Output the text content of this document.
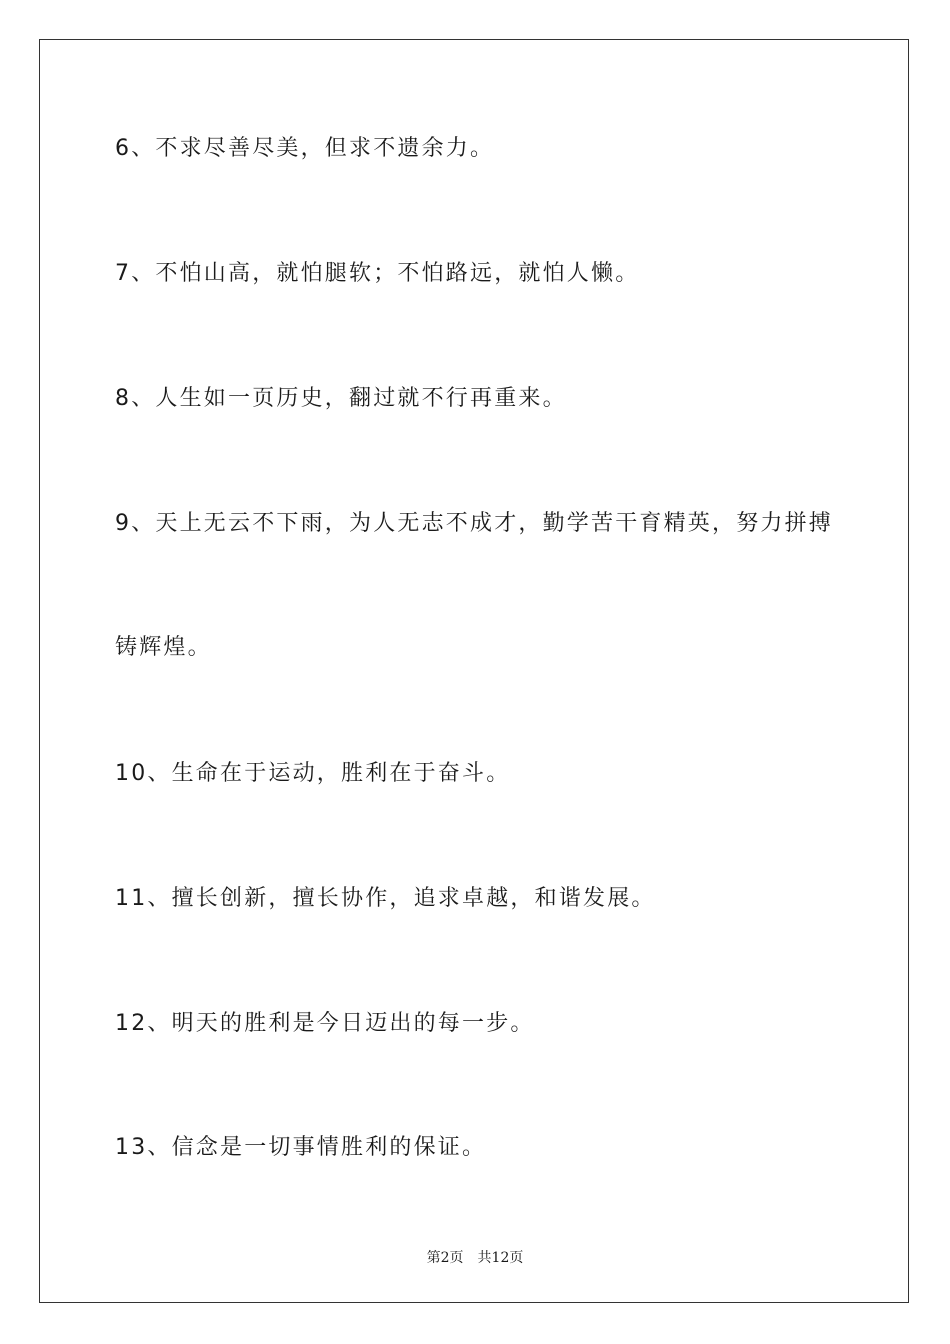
6、不求尽善尽美，但求不遗余力。
7、不怕山高，就怕腿软；不怕路远，就怕人懒。
8、人生如一页历史，翻过就不行再重来。
9、天上无云不下雨，为人无志不成才，勤学苦干育精英，努力拼搏
铸辉煌。
10、生命在于运动，胜利在于奋斗。
11、擅长创新，擅长协作，追求卓越，和谐发展。
12、明天的胜利是今日迈出的每一步。
13、信念是一切事情胜利的保证。
第2页 共12页
